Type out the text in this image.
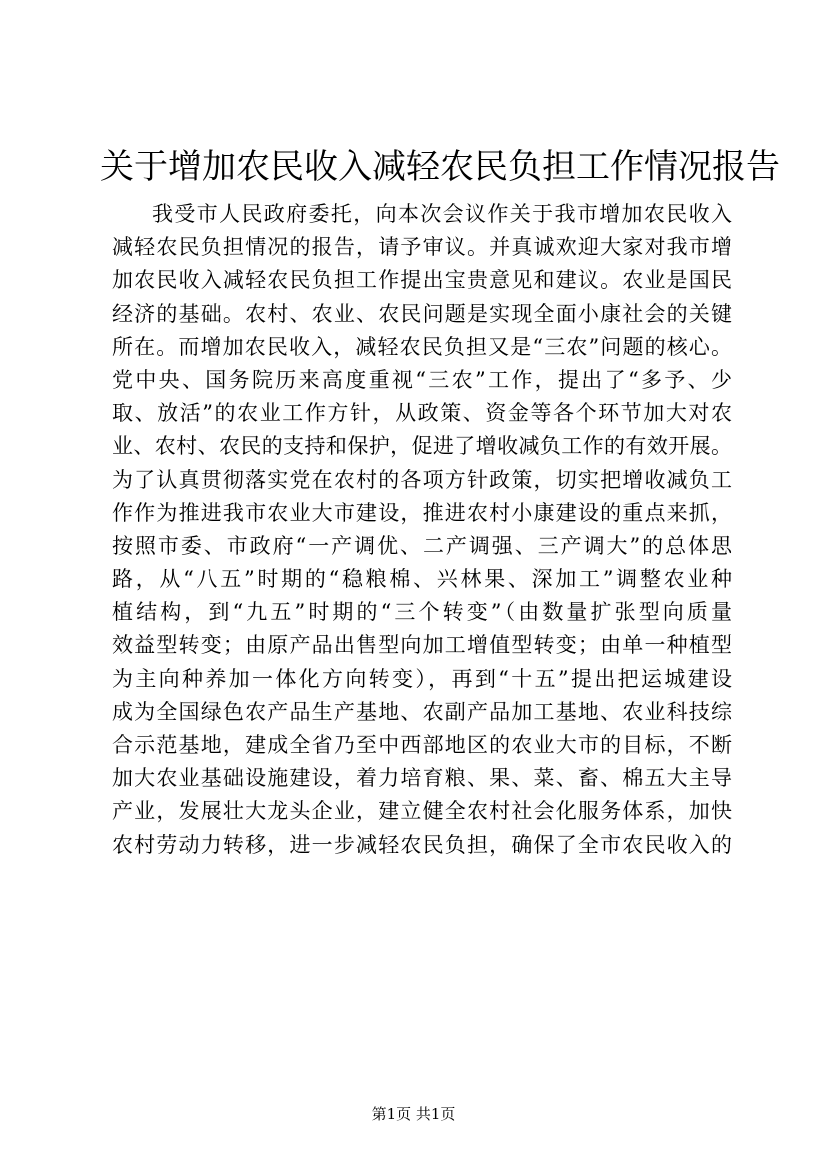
关于增加农民收入减轻农民负担工作情况报告
我受市人民政府委托，向本次会议作关于我市增加农民收入
减轻农民负担情况的报告，请予审议。并真诚欢迎大家对我市增
加农民收入减轻农民负担工作提出宝贵意见和建议。农业是国民
经济的基础。农村、农业、农民问题是实现全面小康社会的关键
所在。而增加农民收入，减轻农民负担又是“三农”问题的核心。
党中央、国务院历来高度重视“三农”工作，提出了“多予、少
取、放活”的农业工作方针，从政策、资金等各个环节加大对农
业、农村、农民的支持和保护，促进了增收减负工作的有效开展。
为了认真贯彻落实党在农村的各项方针政策，切实把增收减负工
作作为推进我市农业大市建设，推进农村小康建设的重点来抓，
按照市委、市政府“一产调优、二产调强、三产调大”的总体思
路，从“八五”时期的“稳粮棉、兴林果、深加工”调整农业种
植结构，到“九五”时期的“三个转变”（由数量扩张型向质量
效益型转变；由原产品出售型向加工增值型转变；由单一种植型
为主向种养加一体化方向转变），再到“十五”提出把运城建设
成为全国绿色农产品生产基地、农副产品加工基地、农业科技综
合示范基地，建成全省乃至中西部地区的农业大市的目标，不断
加大农业基础设施建设，着力培育粮、果、菜、畜、棉五大主导
产业，发展壮大龙头企业，建立健全农村社会化服务体系，加快
农村劳动力转移，进一步减轻农民负担，确保了全市农民收入的
第1页 共1页
